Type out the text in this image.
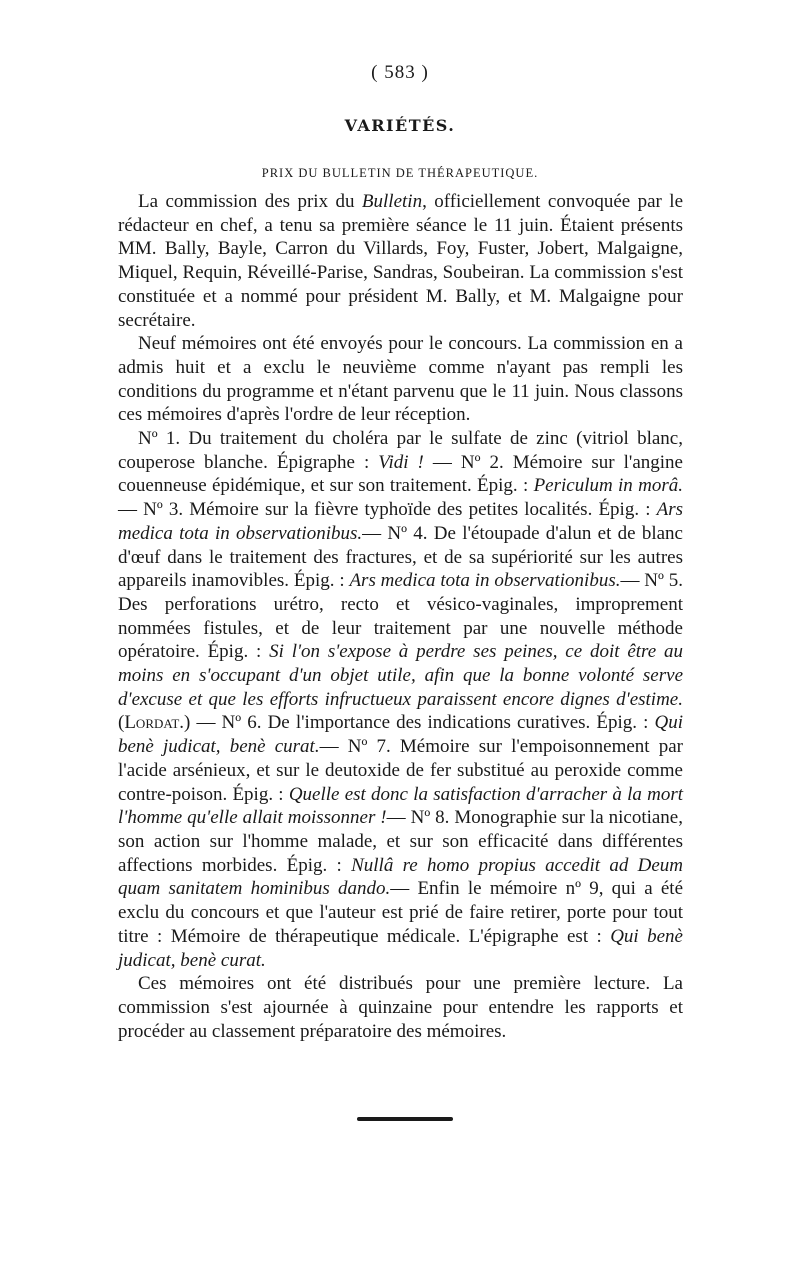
( 583 )
VARIÉTÉS.
PRIX DU BULLETIN DE THÉRAPEUTIQUE.

La commission des prix du Bulletin, officiellement convoquée par le rédacteur en chef, a tenu sa première séance le 11 juin. Étaient présents MM. Bally, Bayle, Carron du Villards, Foy, Fuster, Jobert, Malgaigne, Miquel, Requin, Réveillé-Parise, Sandras, Soubeiran. La commission s'est constituée et a nommé pour président M. Bally, et M. Malgaigne pour secrétaire.

Neuf mémoires ont été envoyés pour le concours. La commission en a admis huit et a exclu le neuvième comme n'ayant pas rempli les conditions du programme et n'étant parvenu que le 11 juin. Nous classons ces mémoires d'après l'ordre de leur réception.

Nº 1. Du traitement du choléra par le sulfate de zinc (vitriol blanc, couperose blanche. Épigraphe : Vidi ! — Nº 2. Mémoire sur l'angine couenneuse épidémique, et sur son traitement. Épig. : Periculum in morâ. — Nº 3. Mémoire sur la fièvre typhoïde des petites localités. Épig. : Ars medica tota in observationibus.— Nº 4. De l'étoupade d'alun et de blanc d'œuf dans le traitement des fractures, et de sa supériorité sur les autres appareils inamovibles. Épig. : Ars medica tota in observationibus.— Nº 5. Des perforations urétro, recto et vésico-vaginales, improprement nommées fistules, et de leur traitement par une nouvelle méthode opératoire. Épig. : Si l'on s'expose à perdre ses peines, ce doit être au moins en s'occupant d'un objet utile, afin que la bonne volonté serve d'excuse et que les efforts infructueux paraissent encore dignes d'estime. (Lordat.) — Nº 6. De l'importance des indications curatives. Épig. : Qui benè judicat, benè curat.— Nº 7. Mémoire sur l'empoisonnement par l'acide arsénieux, et sur le deutoxide de fer substitué au peroxide comme contre-poison. Épig. : Quelle est donc la satisfaction d'arracher à la mort l'homme qu'elle allait moissonner !— Nº 8. Monographie sur la nicotiane, son action sur l'homme malade, et sur son efficacité dans différentes affections morbides. Épig. : Nullâ re homo propius accedit ad Deum quam sanitatem hominibus dando.— Enfin le mémoire nº 9, qui a été exclu du concours et que l'auteur est prié de faire retirer, porte pour tout titre : Mémoire de thérapeutique médicale. L'épigraphe est : Qui benè judicat, benè curat.

Ces mémoires ont été distribués pour une première lecture. La commission s'est ajournée à quinzaine pour entendre les rapports et procéder au classement préparatoire des mémoires.
